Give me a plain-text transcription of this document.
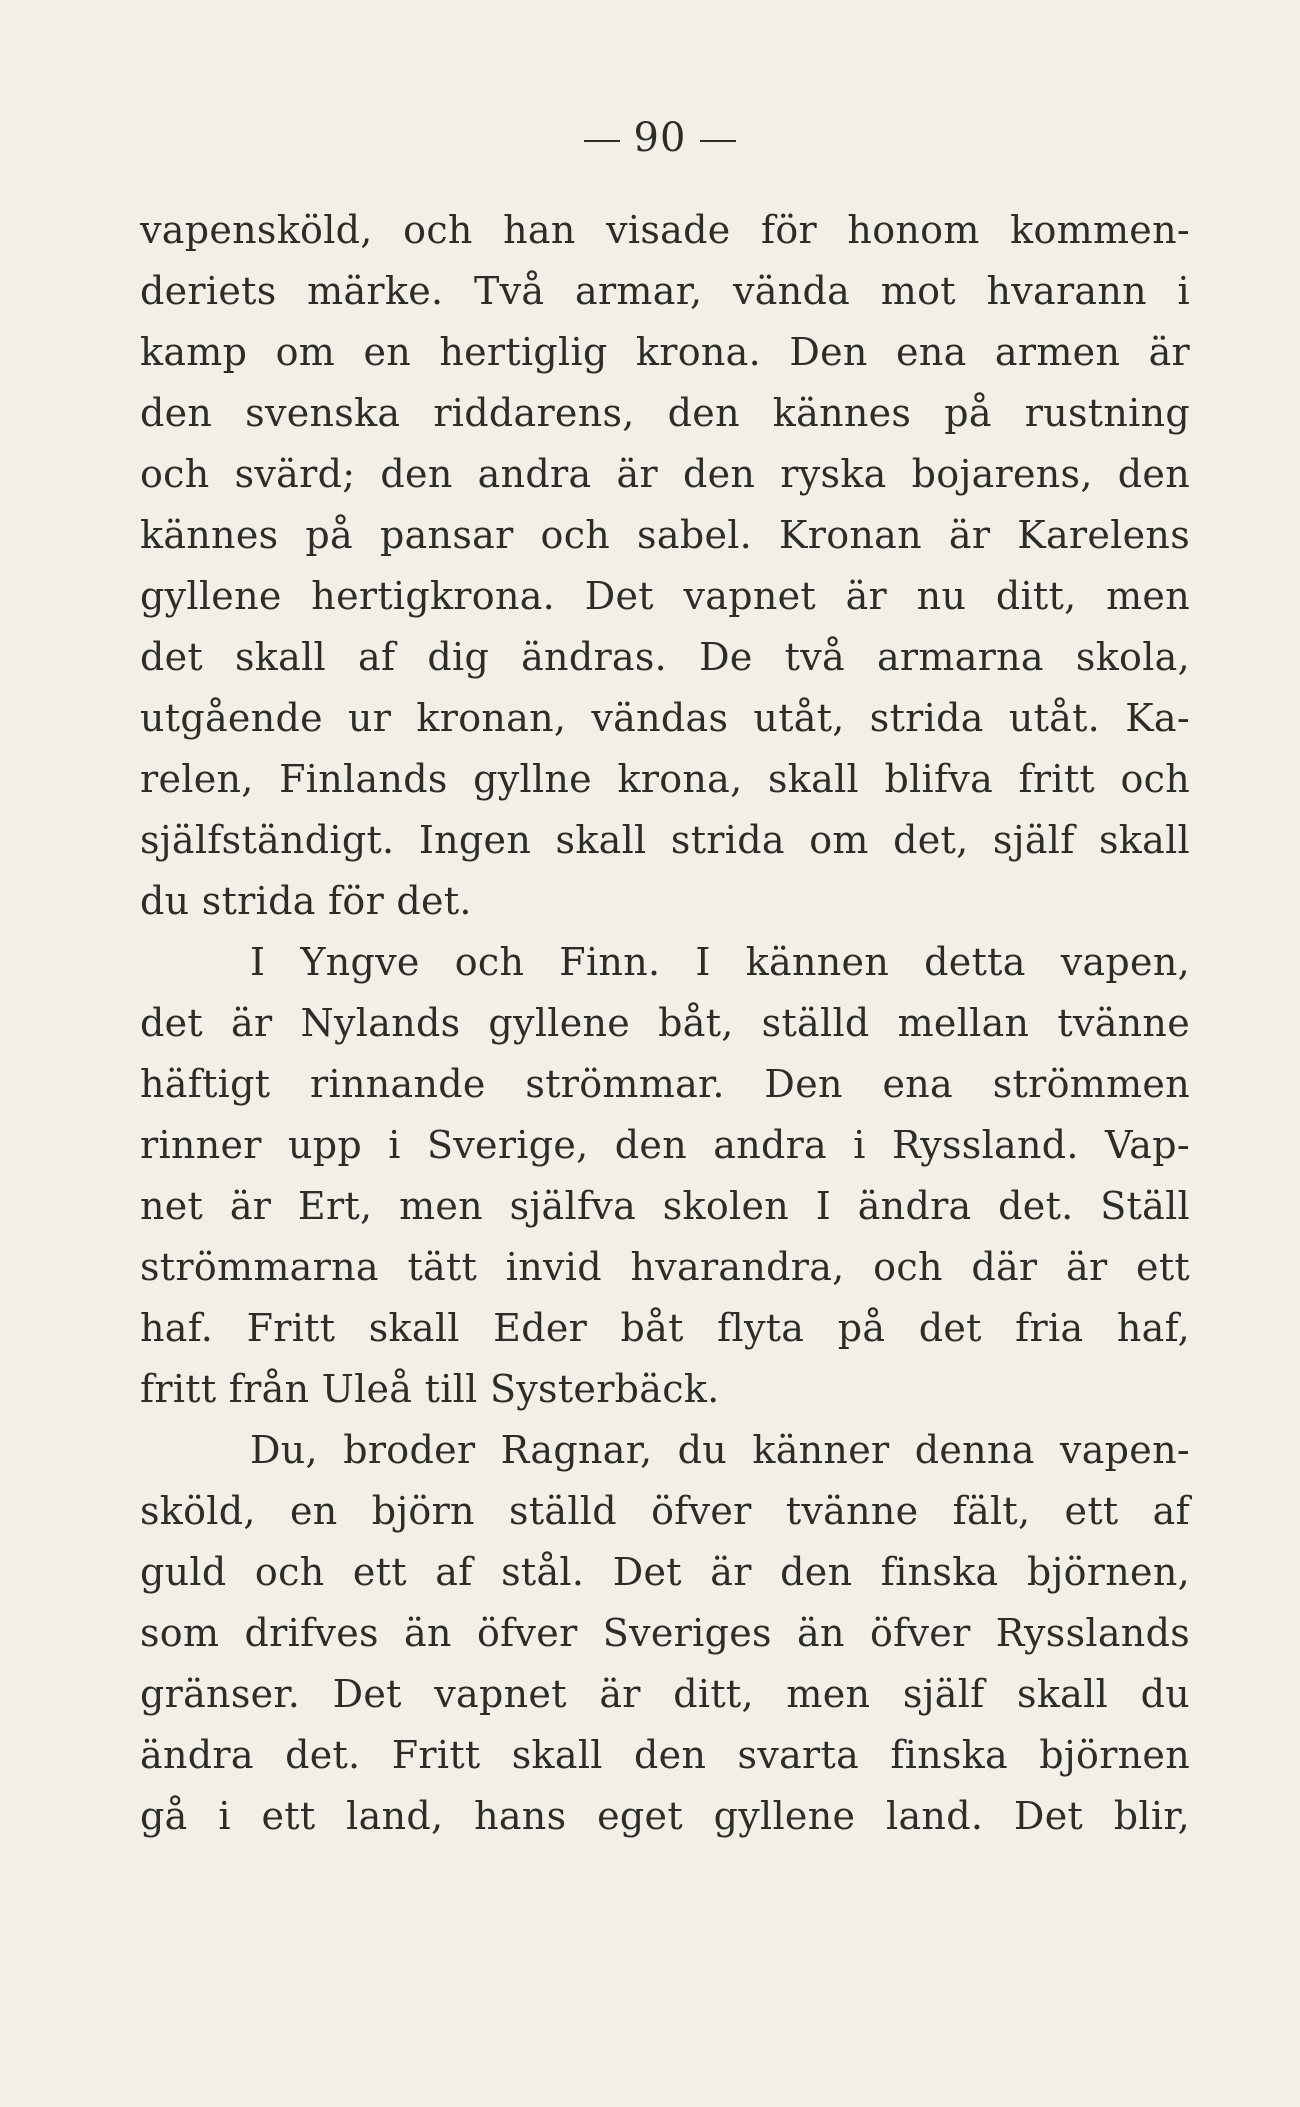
90
vapensköld, och han visade för honom kommen-
deriets märke. Två armar, vända mot hvarann i
kamp om en hertiglig krona. Den ena armen är
den svenska riddarens, den kännes på rustning
och svärd; den andra är den ryska bojarens, den
kännes på pansar och sabel. Kronan är Karelens
gyllene hertigkrona. Det vapnet är nu ditt, men
det skall af dig ändras. De två armarna skola,
utgående ur kronan, vändas utåt, strida utåt. Ka-
relen, Finlands gyllne krona, skall blifva fritt och
själfständigt. Ingen skall strida om det, själf skall
du strida för det.
I Yngve och Finn. I kännen detta vapen,
det är Nylands gyllene båt, ställd mellan tvänne
häftigt rinnande strömmar. Den ena strömmen
rinner upp i Sverige, den andra i Ryssland. Vap-
net är Ert, men själfva skolen I ändra det. Ställ
strömmarna tätt invid hvarandra, och där är ett
haf. Fritt skall Eder båt flyta på det fria haf,
fritt från Uleå till Systerbäck.
Du, broder Ragnar, du känner denna vapen-
sköld, en björn ställd öfver tvänne fält, ett af
guld och ett af stål. Det är den finska björnen,
som drifves än öfver Sveriges än öfver Rysslands
gränser. Det vapnet är ditt, men själf skall du
ändra det. Fritt skall den svarta finska björnen
gå i ett land, hans eget gyllene land. Det blir,
